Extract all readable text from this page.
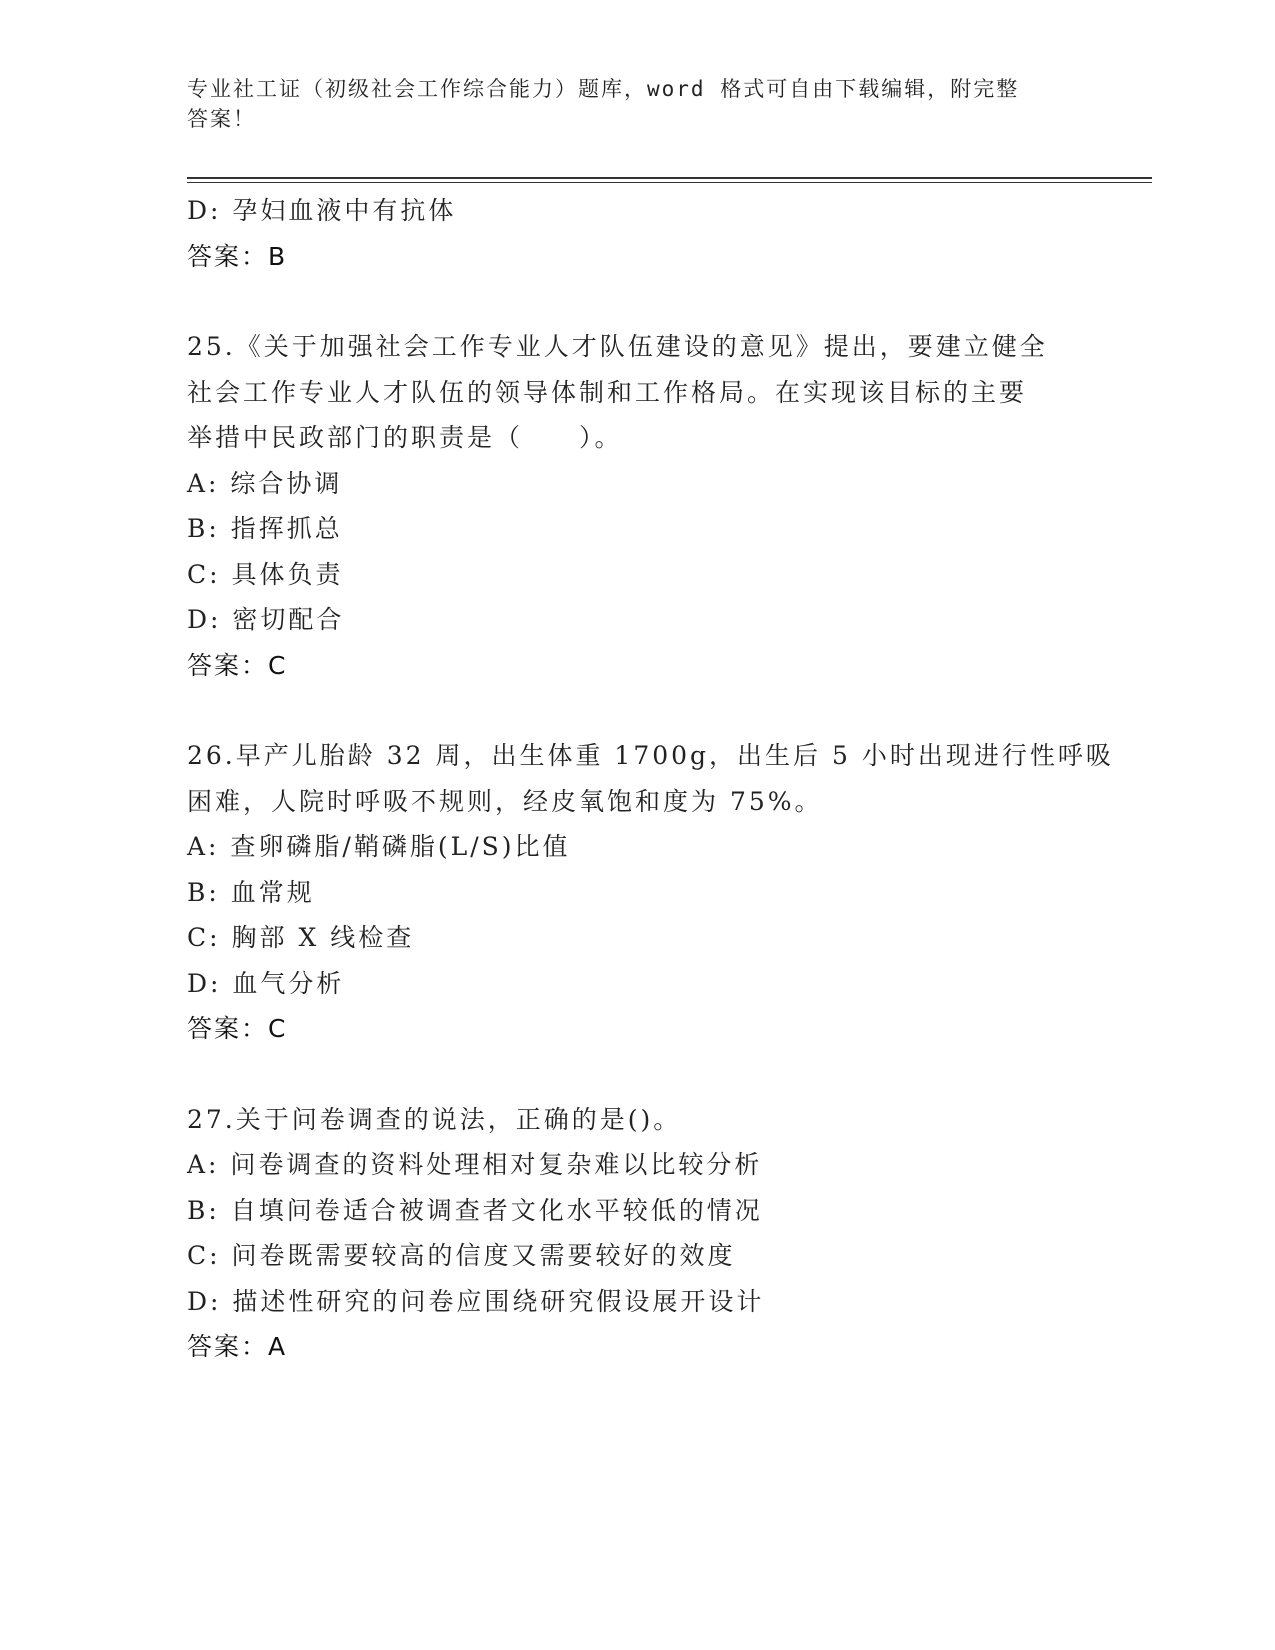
专业社工证（初级社会工作综合能力）题库，word 格式可自由下载编辑，附完整
答案！
D: 孕妇血液中有抗体
答案：B
25.《关于加强社会工作专业人才队伍建设的意见》提出，要建立健全
社会工作专业人才队伍的领导体制和工作格局。在实现该目标的主要
举措中民政部门的职责是（　　）。
A: 综合协调
B: 指挥抓总
C: 具体负责
D: 密切配合
答案：C
26.早产儿胎龄 32 周，出生体重 1700g，出生后 5 小时出现进行性呼吸
困难，人院时呼吸不规则，经皮氧饱和度为 75%。
A: 查卵磷脂/鞘磷脂(L/S)比值
B: 血常规
C: 胸部 X 线检查
D: 血气分析
答案：C
27.关于问卷调查的说法，正确的是()。
A: 问卷调查的资料处理相对复杂难以比较分析
B: 自填问卷适合被调查者文化水平较低的情况
C: 问卷既需要较高的信度又需要较好的效度
D: 描述性研究的问卷应围绕研究假设展开设计
答案：A
